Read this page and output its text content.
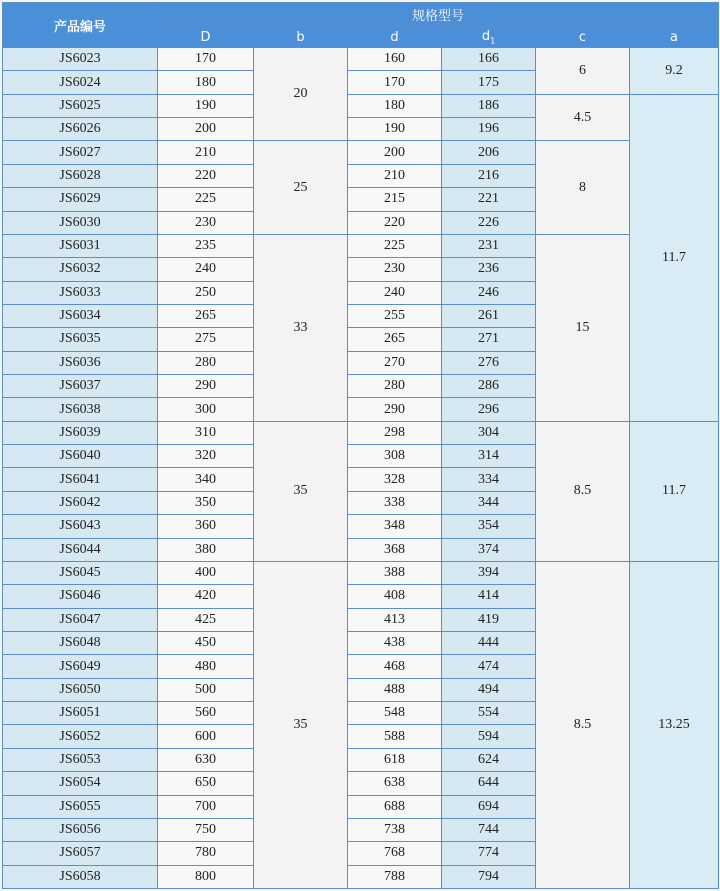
产品编号	规格型号					
	D	b	d	$d_1$	c	a
JS6023	170	20	160	166	6	9.2
JS6024	180		170	175		
JS6025	190		180	186	4.5	11.7
JS6026	200		190	196		
JS6027	210	25	200	206	8	
JS6028	220		210	216		
JS6029	225		215	221		
JS6030	230		220	226		
JS6031	235	33	225	231	15	
JS6032	240		230	236		
JS6033	250		240	246		
JS6034	265		255	261		
JS6035	275		265	271		
JS6036	280		270	276		
JS6037	290		280	286		
JS6038	300		290	296		
JS6039	310	35	298	304	8.5	11.7
JS6040	320		308	314		
JS6041	340		328	334		
JS6042	350		338	344		
JS6043	360		348	354		
JS6044	380		368	374		
JS6045	400	35	388	394	8.5	13.25
JS6046	420		408	414		
JS6047	425		413	419		
JS6048	450		438	444		
JS6049	480		468	474		
JS6050	500		488	494		
JS6051	560		548	554		
JS6052	600		588	594		
JS6053	630		618	624		
JS6054	650		638	644		
JS6055	700		688	694		
JS6056	750		738	744		
JS6057	780		768	774		
JS6058	800		788	794		
